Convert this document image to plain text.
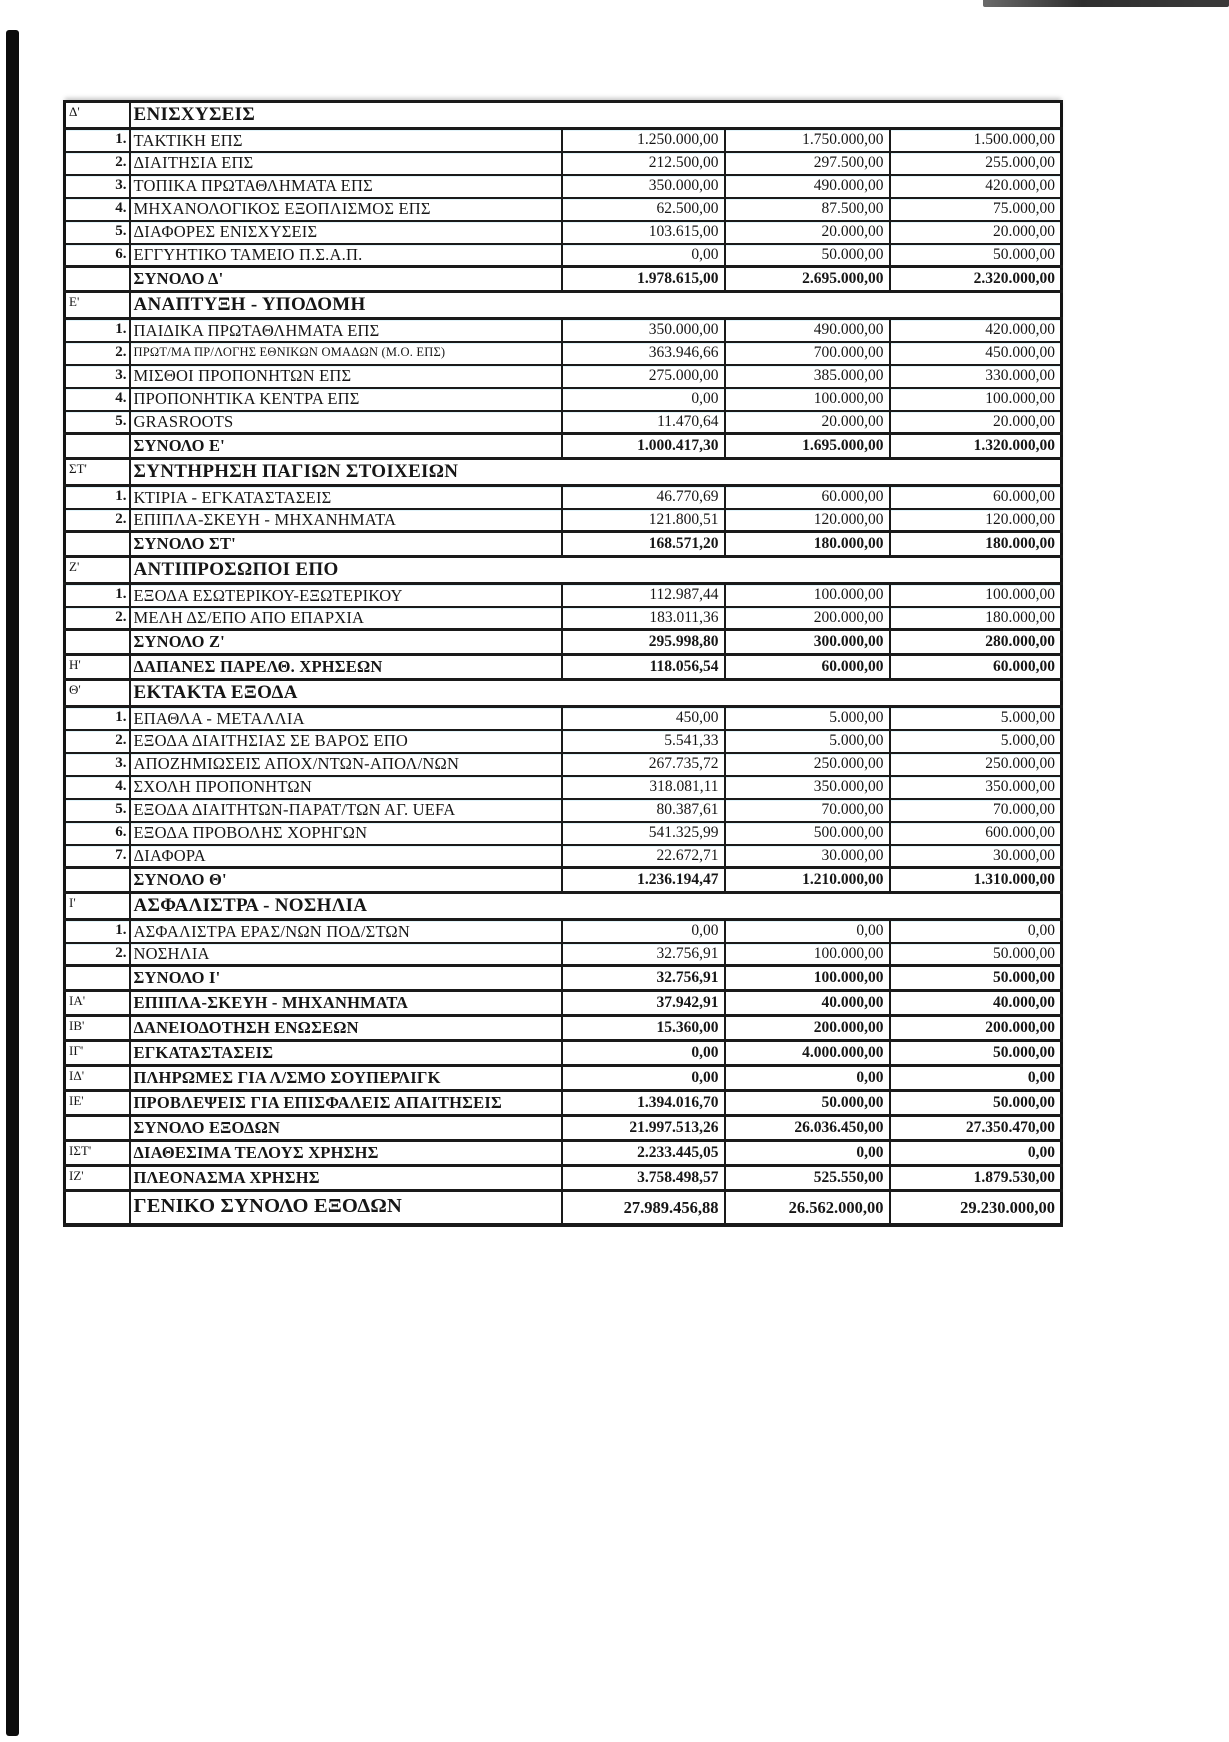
Δ'	ΕΝΙΣΧΥΣΕΙΣ			
1.	ΤΑΚΤΙΚΗ ΕΠΣ	1.250.000,00	1.750.000,00	1.500.000,00
2.	ΔΙΑΙΤΗΣΙΑ ΕΠΣ	212.500,00	297.500,00	255.000,00
3.	ΤΟΠΙΚΑ ΠΡΩΤΑΘΛΗΜΑΤΑ ΕΠΣ	350.000,00	490.000,00	420.000,00
4.	ΜΗΧΑΝΟΛΟΓΙΚΟΣ ΕΞΟΠΛΙΣΜΟΣ ΕΠΣ	62.500,00	87.500,00	75.000,00
5.	ΔΙΑΦΟΡΕΣ ΕΝΙΣΧΥΣΕΙΣ	103.615,00	20.000,00	20.000,00
6.	ΕΓΓΥΗΤΙΚΟ ΤΑΜΕΙΟ Π.Σ.Α.Π.	0,00	50.000,00	50.000,00
	ΣΥΝΟΛΟ Δ'	1.978.615,00	2.695.000,00	2.320.000,00
Ε'	ΑΝΑΠΤΥΞΗ - ΥΠΟΔΟΜΗ			
1.	ΠΑΙΔΙΚΑ ΠΡΩΤΑΘΛΗΜΑΤΑ ΕΠΣ	350.000,00	490.000,00	420.000,00
2.	ΠΡΩΤ/ΜΑ ΠΡ/ΛΟΓΗΣ ΕΘΝΙΚΩΝ ΟΜΑΔΩΝ (Μ.Ο. ΕΠΣ)	363.946,66	700.000,00	450.000,00
3.	ΜΙΣΘΟΙ ΠΡΟΠΟΝΗΤΩΝ ΕΠΣ	275.000,00	385.000,00	330.000,00
4.	ΠΡΟΠΟΝΗΤΙΚΑ ΚΕΝΤΡΑ ΕΠΣ	0,00	100.000,00	100.000,00
5.	GRASROOTS	11.470,64	20.000,00	20.000,00
	ΣΥΝΟΛΟ Ε'	1.000.417,30	1.695.000,00	1.320.000,00
ΣΤ'	ΣΥΝΤΗΡΗΣΗ ΠΑΓΙΩΝ ΣΤΟΙΧΕΙΩΝ			
1.	ΚΤΙΡΙΑ - ΕΓΚΑΤΑΣΤΑΣΕΙΣ	46.770,69	60.000,00	60.000,00
2.	ΕΠΙΠΛΑ-ΣΚΕΥΗ - ΜΗΧΑΝΗΜΑΤΑ	121.800,51	120.000,00	120.000,00
	ΣΥΝΟΛΟ ΣΤ'	168.571,20	180.000,00	180.000,00
Ζ'	ΑΝΤΙΠΡΟΣΩΠΟΙ ΕΠΟ			
1.	ΕΞΟΔΑ ΕΣΩΤΕΡΙΚΟΥ-ΕΞΩΤΕΡΙΚΟΥ	112.987,44	100.000,00	100.000,00
2.	ΜΕΛΗ ΔΣ/ΕΠΟ ΑΠΟ ΕΠΑΡΧΙΑ	183.011,36	200.000,00	180.000,00
	ΣΥΝΟΛΟ Ζ'	295.998,80	300.000,00	280.000,00
Η'	ΔΑΠΑΝΕΣ ΠΑΡΕΛΘ. ΧΡΗΣΕΩΝ	118.056,54	60.000,00	60.000,00
Θ'	ΕΚΤΑΚΤΑ ΕΞΟΔΑ			
1.	ΕΠΑΘΛΑ - ΜΕΤΑΛΛΙΑ	450,00	5.000,00	5.000,00
2.	ΕΞΟΔΑ ΔΙΑΙΤΗΣΙΑΣ ΣΕ ΒΑΡΟΣ ΕΠΟ	5.541,33	5.000,00	5.000,00
3.	ΑΠΟΖΗΜΙΩΣΕΙΣ ΑΠΟΧ/ΝΤΩΝ-ΑΠΟΛ/ΝΩΝ	267.735,72	250.000,00	250.000,00
4.	ΣΧΟΛΗ ΠΡΟΠΟΝΗΤΩΝ	318.081,11	350.000,00	350.000,00
5.	ΕΞΟΔΑ ΔΙΑΙΤΗΤΩΝ-ΠΑΡΑΤ/ΤΩΝ ΑΓ. UEFA	80.387,61	70.000,00	70.000,00
6.	ΕΞΟΔΑ ΠΡΟΒΟΛΗΣ ΧΟΡΗΓΩΝ	541.325,99	500.000,00	600.000,00
7.	ΔΙΑΦΟΡΑ	22.672,71	30.000,00	30.000,00
	ΣΥΝΟΛΟ Θ'	1.236.194,47	1.210.000,00	1.310.000,00
Ι'	ΑΣΦΑΛΙΣΤΡΑ - ΝΟΣΗΛΙΑ			
1.	ΑΣΦΑΛΙΣΤΡΑ ΕΡΑΣ/ΝΩΝ ΠΟΔ/ΣΤΩΝ	0,00	0,00	0,00
2.	ΝΟΣΗΛΙΑ	32.756,91	100.000,00	50.000,00
	ΣΥΝΟΛΟ Ι'	32.756,91	100.000,00	50.000,00
ΙΑ'	ΕΠΙΠΛΑ-ΣΚΕΥΗ - ΜΗΧΑΝΗΜΑΤΑ	37.942,91	40.000,00	40.000,00
ΙΒ'	ΔΑΝΕΙΟΔΟΤΗΣΗ ΕΝΩΣΕΩΝ	15.360,00	200.000,00	200.000,00
ΙΓ'	ΕΓΚΑΤΑΣΤΑΣΕΙΣ	0,00	4.000.000,00	50.000,00
ΙΔ'	ΠΛΗΡΩΜΕΣ ΓΙΑ Λ/ΣΜΟ ΣΟΥΠΕΡΛΙΓΚ	0,00	0,00	0,00
ΙΕ'	ΠΡΟΒΛΕΨΕΙΣ ΓΙΑ ΕΠΙΣΦΑΛΕΙΣ ΑΠΑΙΤΗΣΕΙΣ	1.394.016,70	50.000,00	50.000,00
	ΣΥΝΟΛΟ ΕΞΟΔΩΝ	21.997.513,26	26.036.450,00	27.350.470,00
ΙΣΤ'	ΔΙΑΘΕΣΙΜΑ ΤΕΛΟΥΣ ΧΡΗΣΗΣ	2.233.445,05	0,00	0,00
ΙΖ'	ΠΛΕΟΝΑΣΜΑ ΧΡΗΣΗΣ	3.758.498,57	525.550,00	1.879.530,00
	ΓΕΝΙΚΟ ΣΥΝΟΛΟ ΕΞΟΔΩΝ	27.989.456,88	26.562.000,00	29.230.000,00
